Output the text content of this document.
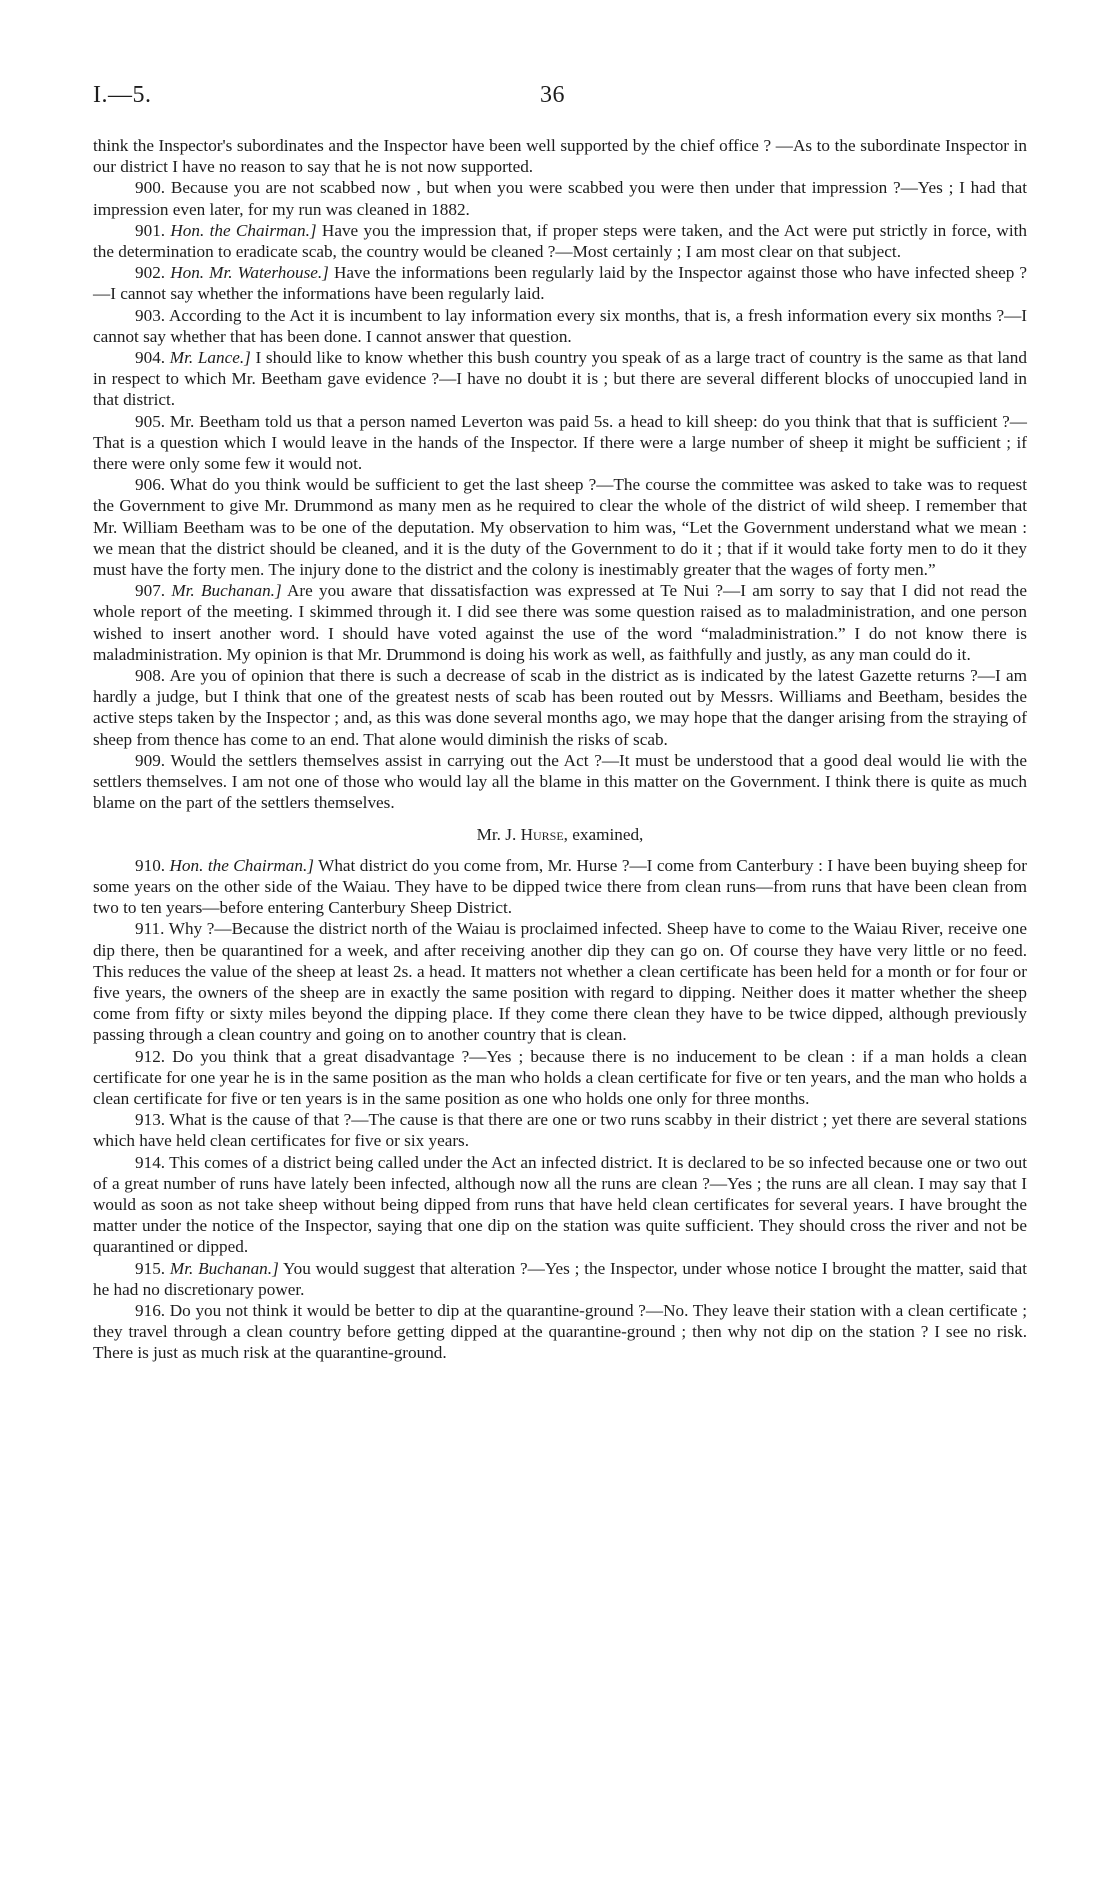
I.—5.	36

think the Inspector's subordinates and the Inspector have been well supported by the chief office ? —As to the subordinate Inspector in our district I have no reason to say that he is not now supported.

900. Because you are not scabbed now , but when you were scabbed you were then under that impression ?—Yes ; I had that impression even later, for my run was cleaned in 1882.

901. Hon. the Chairman.] Have you the impression that, if proper steps were taken, and the Act were put strictly in force, with the determination to eradicate scab, the country would be cleaned ?—Most certainly ; I am most clear on that subject.

902. Hon. Mr. Waterhouse.] Have the informations been regularly laid by the Inspector against those who have infected sheep ?—I cannot say whether the informations have been regularly laid.

903. According to the Act it is incumbent to lay information every six months, that is, a fresh information every six months ?—I cannot say whether that has been done. I cannot answer that question.

904. Mr. Lance.] I should like to know whether this bush country you speak of as a large tract of country is the same as that land in respect to which Mr. Beetham gave evidence ?—I have no doubt it is ; but there are several different blocks of unoccupied land in that district.

905. Mr. Beetham told us that a person named Leverton was paid 5s. a head to kill sheep: do you think that that is sufficient ?—That is a question which I would leave in the hands of the Inspector. If there were a large number of sheep it might be sufficient ; if there were only some few it would not.

906. What do you think would be sufficient to get the last sheep ?—The course the committee was asked to take was to request the Government to give Mr. Drummond as many men as he required to clear the whole of the district of wild sheep. I remember that Mr. William Beetham was to be one of the deputation. My observation to him was, “Let the Government understand what we mean : we mean that the district should be cleaned, and it is the duty of the Government to do it ; that if it would take forty men to do it they must have the forty men. The injury done to the district and the colony is inestimably greater that the wages of forty men.”

907. Mr. Buchanan.] Are you aware that dissatisfaction was expressed at Te Nui ?—I am sorry to say that I did not read the whole report of the meeting. I skimmed through it. I did see there was some question raised as to maladministration, and one person wished to insert another word. I should have voted against the use of the word “maladministration.” I do not know there is maladministration. My opinion is that Mr. Drummond is doing his work as well, as faithfully and justly, as any man could do it.

908. Are you of opinion that there is such a decrease of scab in the district as is indicated by the latest Gazette returns ?—I am hardly a judge, but I think that one of the greatest nests of scab has been routed out by Messrs. Williams and Beetham, besides the active steps taken by the Inspector ; and, as this was done several months ago, we may hope that the danger arising from the straying of sheep from thence has come to an end. That alone would diminish the risks of scab.

909. Would the settlers themselves assist in carrying out the Act ?—It must be understood that a good deal would lie with the settlers themselves. I am not one of those who would lay all the blame in this matter on the Government. I think there is quite as much blame on the part of the settlers themselves.

Mr. J. Hurse, examined,

910. Hon. the Chairman.] What district do you come from, Mr. Hurse ?—I come from Canterbury : I have been buying sheep for some years on the other side of the Waiau. They have to be dipped twice there from clean runs—from runs that have been clean from two to ten years—before entering Canterbury Sheep District.

911. Why ?—Because the district north of the Waiau is proclaimed infected. Sheep have to come to the Waiau River, receive one dip there, then be quarantined for a week, and after receiving another dip they can go on. Of course they have very little or no feed. This reduces the value of the sheep at least 2s. a head. It matters not whether a clean certificate has been held for a month or for four or five years, the owners of the sheep are in exactly the same position with regard to dipping. Neither does it matter whether the sheep come from fifty or sixty miles beyond the dipping place. If they come there clean they have to be twice dipped, although previously passing through a clean country and going on to another country that is clean.

912. Do you think that a great disadvantage ?—Yes ; because there is no inducement to be clean : if a man holds a clean certificate for one year he is in the same position as the man who holds a clean certificate for five or ten years, and the man who holds a clean certificate for five or ten years is in the same position as one who holds one only for three months.

913. What is the cause of that ?—The cause is that there are one or two runs scabby in their district ; yet there are several stations which have held clean certificates for five or six years.

914. This comes of a district being called under the Act an infected district. It is declared to be so infected because one or two out of a great number of runs have lately been infected, although now all the runs are clean ?—Yes ; the runs are all clean. I may say that I would as soon as not take sheep without being dipped from runs that have held clean certificates for several years. I have brought the matter under the notice of the Inspector, saying that one dip on the station was quite sufficient. They should cross the river and not be quarantined or dipped.

915. Mr. Buchanan.] You would suggest that alteration ?—Yes ; the Inspector, under whose notice I brought the matter, said that he had no discretionary power.

916. Do you not think it would be better to dip at the quarantine-ground ?—No. They leave their station with a clean certificate ; they travel through a clean country before getting dipped at the quarantine-ground ; then why not dip on the station ? I see no risk. There is just as much risk at the quarantine-ground.
